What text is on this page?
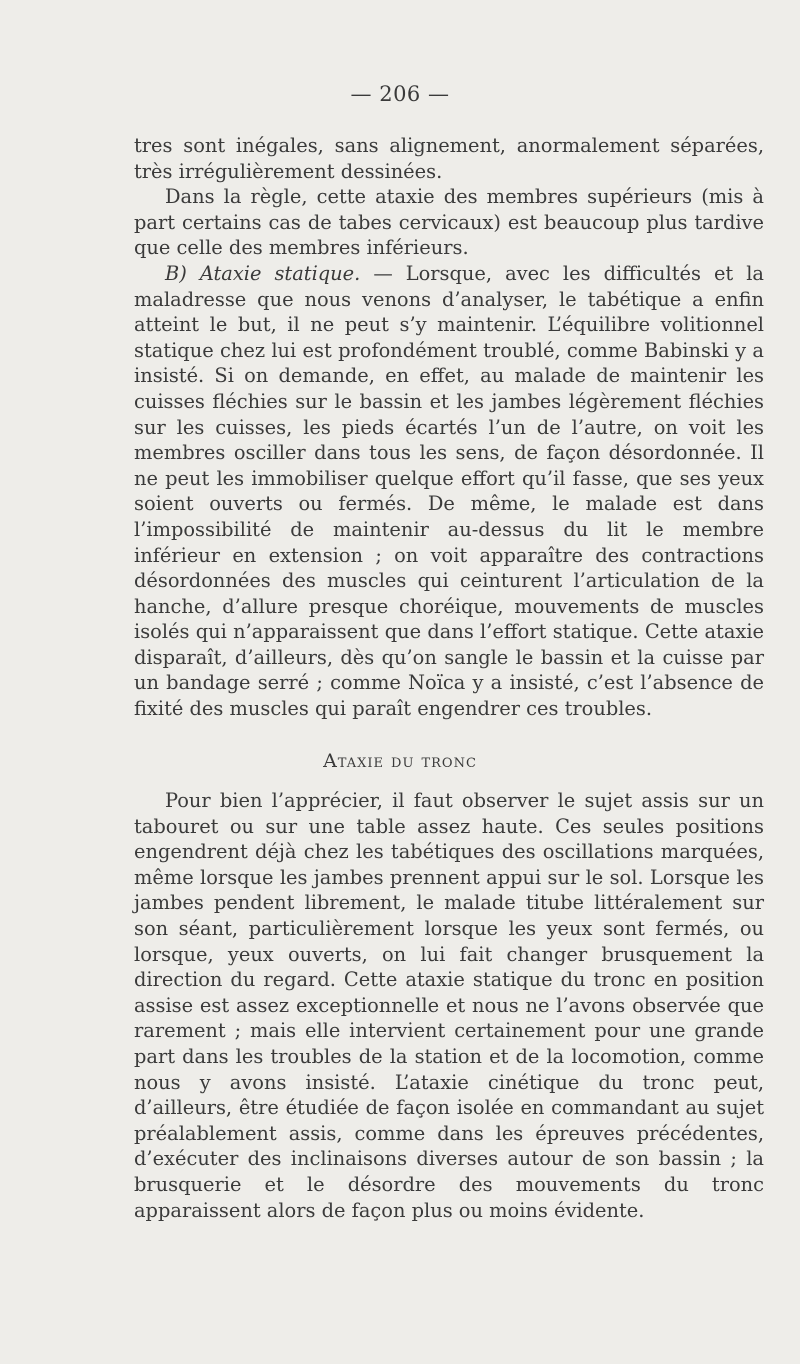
— 206 —

tres sont inégales, sans alignement, anormalement séparées, très irrégulièrement dessinées.

Dans la règle, cette ataxie des membres supérieurs (mis à part certains cas de tabes cervicaux) est beaucoup plus tardive que celle des membres inférieurs.

B) Ataxie statique. — Lorsque, avec les difficultés et la maladresse que nous venons d’analyser, le tabétique a enfin atteint le but, il ne peut s’y maintenir. L’équilibre volitionnel statique chez lui est profondément troublé, comme Babinski y a insisté. Si on demande, en effet, au malade de maintenir les cuisses fléchies sur le bassin et les jambes légèrement fléchies sur les cuisses, les pieds écartés l’un de l’autre, on voit les membres osciller dans tous les sens, de façon désordonnée. Il ne peut les immobiliser quelque effort qu’il fasse, que ses yeux soient ouverts ou fermés. De même, le malade est dans l’impossibilité de maintenir au-dessus du lit le membre inférieur en extension ; on voit apparaître des contractions désordonnées des muscles qui ceinturent l’articulation de la hanche, d’allure presque choréique, mouvements de muscles isolés qui n’apparaissent que dans l’effort statique. Cette ataxie disparaît, d’ailleurs, dès qu’on sangle le bassin et la cuisse par un bandage serré ; comme Noïca y a insisté, c’est l’absence de fixité des muscles qui paraît engendrer ces troubles.

Ataxie du tronc

Pour bien l’apprécier, il faut observer le sujet assis sur un tabouret ou sur une table assez haute. Ces seules positions engendrent déjà chez les tabétiques des oscillations marquées, même lorsque les jambes prennent appui sur le sol. Lorsque les jambes pendent librement, le malade titube littéralement sur son séant, particulièrement lorsque les yeux sont fermés, ou lorsque, yeux ouverts, on lui fait changer brusquement la direction du regard. Cette ataxie statique du tronc en position assise est assez exceptionnelle et nous ne l’avons observée que rarement ; mais elle intervient certainement pour une grande part dans les troubles de la station et de la locomotion, comme nous y avons insisté. L’ataxie cinétique du tronc peut, d’ailleurs, être étudiée de façon isolée en commandant au sujet préalablement assis, comme dans les épreuves précédentes, d’exécuter des inclinaisons diverses autour de son bassin ; la brusquerie et le désordre des mouvements du tronc apparaissent alors de façon plus ou moins évidente.
